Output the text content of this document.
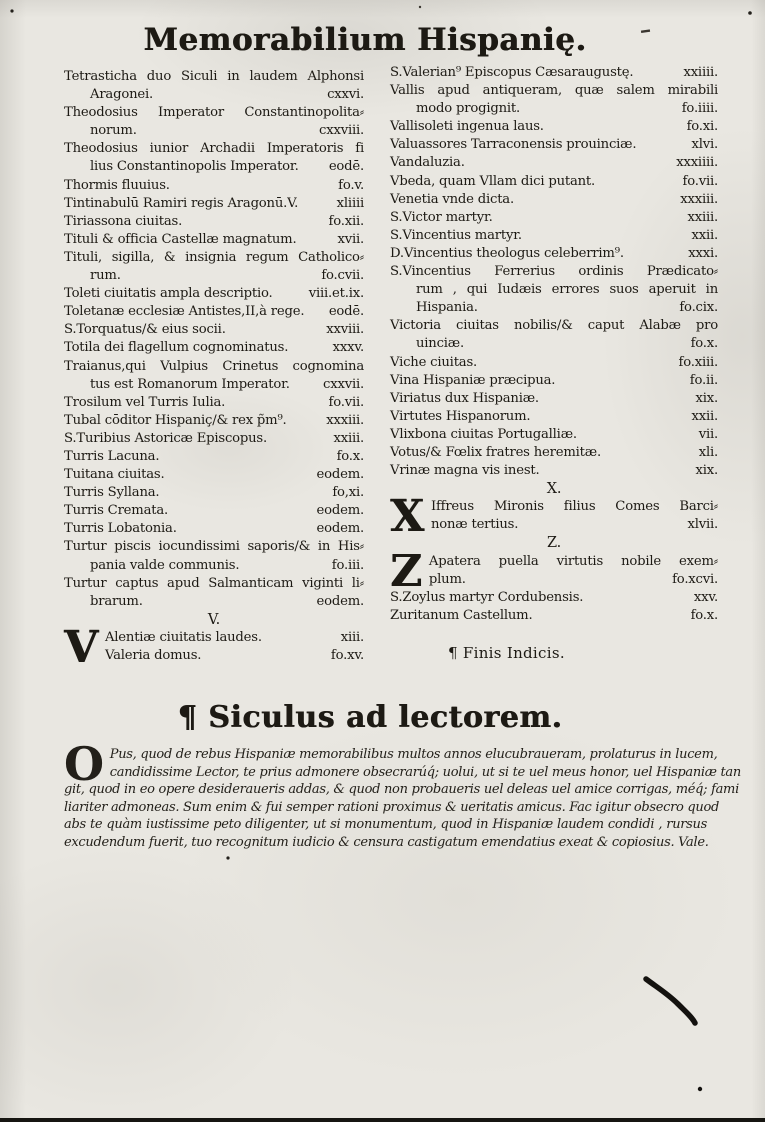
Memorabilium Hispanię.
Tetrasticha duo Siculi in laudem Alphonsi
Aragonei.	cxxvi.
Theodosius Imperator Constantinopolita⸗
norum.	cxxviii.
Theodosius iunior Archadii Imperatoris fi
lius Constantinopolis Imperator.	eodē.
Thormis fluuius.	fo.v.
Tintinabulū Ramiri regis Aragonū.V.	xliiii
Tiriassona ciuitas.	fo.xii.
Tituli & officia Castellæ magnatum.	xvii.
Tituli, sigilla, & insignia regum Catholico⸗
rum.	fo.cvii.
Toleti ciuitatis ampla descriptio.	viii.et.ix.
Toletanæ ecclesiæ Antistes,II,à rege.	eodē.
S.Torquatus/& eius socii.	xxviii.
Totila dei flagellum cognominatus.	xxxv.
Traianus,qui Vulpius Crinetus cognomina
tus est Romanorum Imperator.	cxxvii.
Trosilum vel Turris Iulia.	fo.vii.
Tubal cōditor Hispaniç/& rex p̃m⁹.	xxxiii.
S.Turibius Astoricæ Episcopus.	xxiii.
Turris Lacuna.	fo.x.
Tuitana ciuitas.	eodem.
Turris Syllana.	fo,xi.
Turris Cremata.	eodem.
Turris Lobatonia.	eodem.
Turtur piscis iocundissimi saporis/& in His⸗
pania valde communis.	fo.iii.
Turtur captus apud Salmanticam viginti li⸗
brarum.	eodem.
V.
V Alentiæ ciuitatis laudes.	xiii.
Valeria domus.	fo.xv.
S.Valerian⁹ Episcopus Cæsaraugustę.	xxiiii.
Vallis apud antiqueram, quæ salem mirabili
modo progignit.	fo.iiii.
Vallisoleti ingenua laus.	fo.xi.
Valuassores Tarraconensis prouinciæ.	xlvi.
Vandaluzia.	xxxiiii.
Vbeda, quam Vllam dici putant.	fo.vii.
Venetia vnde dicta.	xxxiii.
S.Victor martyr.	xxiii.
S.Vincentius martyr.	xxii.
D.Vincentius theologus celeberrim⁹.	xxxi.
S.Vincentius Ferrerius ordinis Prædicato⸗
rum , qui Iudæis errores suos aperuit in
Hispania.	fo.cix.
Victoria ciuitas nobilis/& caput Alabæ pro
uinciæ.	fo.x.
Viche ciuitas.	fo.xiii.
Vina Hispaniæ præcipua.	fo.ii.
Viriatus dux Hispaniæ.	xix.
Virtutes Hispanorum.	xxii.
Vlixbona ciuitas Portugalliæ.	vii.
Votus/& Fœlix fratres heremitæ.	xli.
Vrinæ magna vis inest.	xix.
X.
X Iffreus Mironis filius Comes Barci⸗
nonæ tertius.	xlvii.
Z.
Z Apatera puella virtutis nobile exem⸗
plum.	fo.xcvi.
S.Zoylus martyr Cordubensis.	xxv.
Zuritanum Castellum.	fo.x.
¶ Finis Indicis.
¶ Siculus ad lectorem.
O Pus, quod de rebus Hispaniæ memorabilibus multos annos elucubraueram, prolaturus in lucem,
candidissime Lector, te prius admonere obsecrarúq́; uolui, ut si te uel meus honor, uel Hispaniæ tan
git, quod in eo opere desideraueris addas, & quod non probaueris uel deleas uel amice corrigas, méq́; fami
liariter admoneas. Sum enim & fui semper rationi proximus & ueritatis amicus. Fac igitur obsecro quod
abs te quàm iustissime peto diligenter, ut si monumentum, quod in Hispaniæ laudem condidi , rursus
excudendum fuerit, tuo recognitum iudicio & censura castigatum emendatius exeat & copiosius. Vale.
